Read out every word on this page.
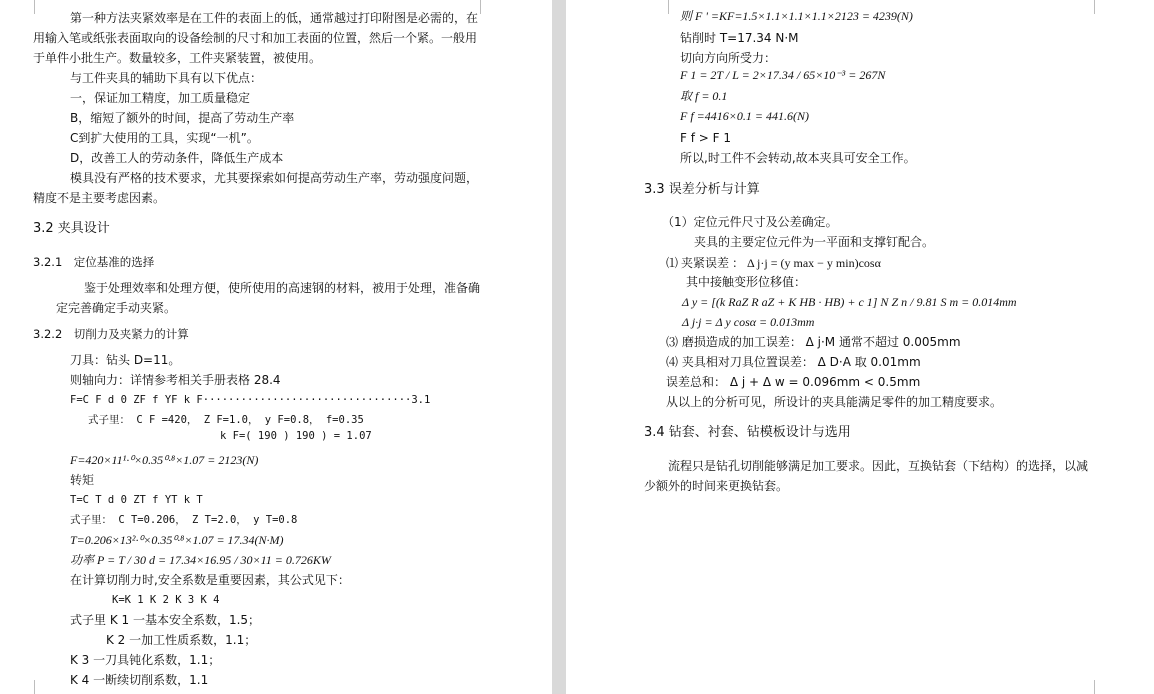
第一种方法夹紧效率是在工件的表面上的低，通常越过打印附图是必需的，在
用输入笔或纸张表面取向的设备绘制的尺寸和加工表面的位置，然后一个紧。一般用
于单件小批生产。数量较多，工件夹紧装置，被使用。
与工件夹具的辅助下具有以下优点：
一，保证加工精度，加工质量稳定
B，缩短了额外的时间，提高了劳动生产率
C到扩大使用的工具，实现“一机”。
D，改善工人的劳动条件，降低生产成本
模具没有严格的技术要求，尤其要探索如何提高劳动生产率，劳动强度问题，
精度不是主要考虑因素。
3.2 夹具设计
3.2.1　定位基准的选择
鉴于处理效率和处理方便，使所使用的高速钢的材料，被用于处理，准备确
定完善确定手动夹紧。
3.2.2　切削力及夹紧力的计算
刀具：钻头 D=11。
则轴向力：详情参考相关手册表格 28.4
F=C F d 0 ZF f YF k F·································3.1
式子里： C F =420， Z F=1.0， y F=0.8， f=0.35
k F=( 190 ) 190 ) = 1.07
F=420×11¹·⁰×0.35⁰·⁸×1.07 = 2123(N)
转矩
T=C T d 0 ZT f YT k T
式子里： C T=0.206， Z T=2.0， y T=0.8
T=0.206×13²·⁰×0.35⁰·⁸×1.07 = 17.34(N·M)
功率 P = T / 30 d = 17.34×16.95 / 30×11 = 0.726KW
在计算切削力时,安全系数是重要因素，其公式见下：
K=K 1 K 2 K 3 K 4
式子里 K 1 一基本安全系数，1.5；
K 2 一加工性质系数，1.1；
K 3 一刀具钝化系数，1.1；
K 4 一断续切削系数，1.1
则 F ' =KF=1.5×1.1×1.1×1.1×2123 = 4239(N)
钻削时 T=17.34 N·M
切向方向所受力：
F 1 = 2T / L = 2×17.34 / 65×10⁻³ = 267N
取 f = 0.1
F f =4416×0.1 = 441.6(N)
F f > F 1
所以,时工件不会转动,故本夹具可安全工作。
3.3 误差分析与计算
（1）定位元件尺寸及公差确定。
夹具的主要定位元件为一平面和支撑钉配合。
⑴ 夹紧误差 ： Δ j·j = (y max − y min)cosα
其中接触变形位移值：
Δ y = [(k RaZ R aZ + K HB · HB) + c 1] N Z n / 9.81 S m = 0.014mm
Δ j·j = Δ y cosα = 0.013mm
⑶ 磨损造成的加工误差： Δ j·M 通常不超过 0.005mm
⑷ 夹具相对刀具位置误差： Δ D·A 取 0.01mm
误差总和： Δ j + Δ w = 0.096mm < 0.5mm
从以上的分析可见，所设计的夹具能满足零件的加工精度要求。
3.4 钻套、衬套、钻模板设计与选用
流程只是钻孔切削能够满足加工要求。因此，互换钻套（下结构）的选择，以减
少额外的时间来更换钻套。
